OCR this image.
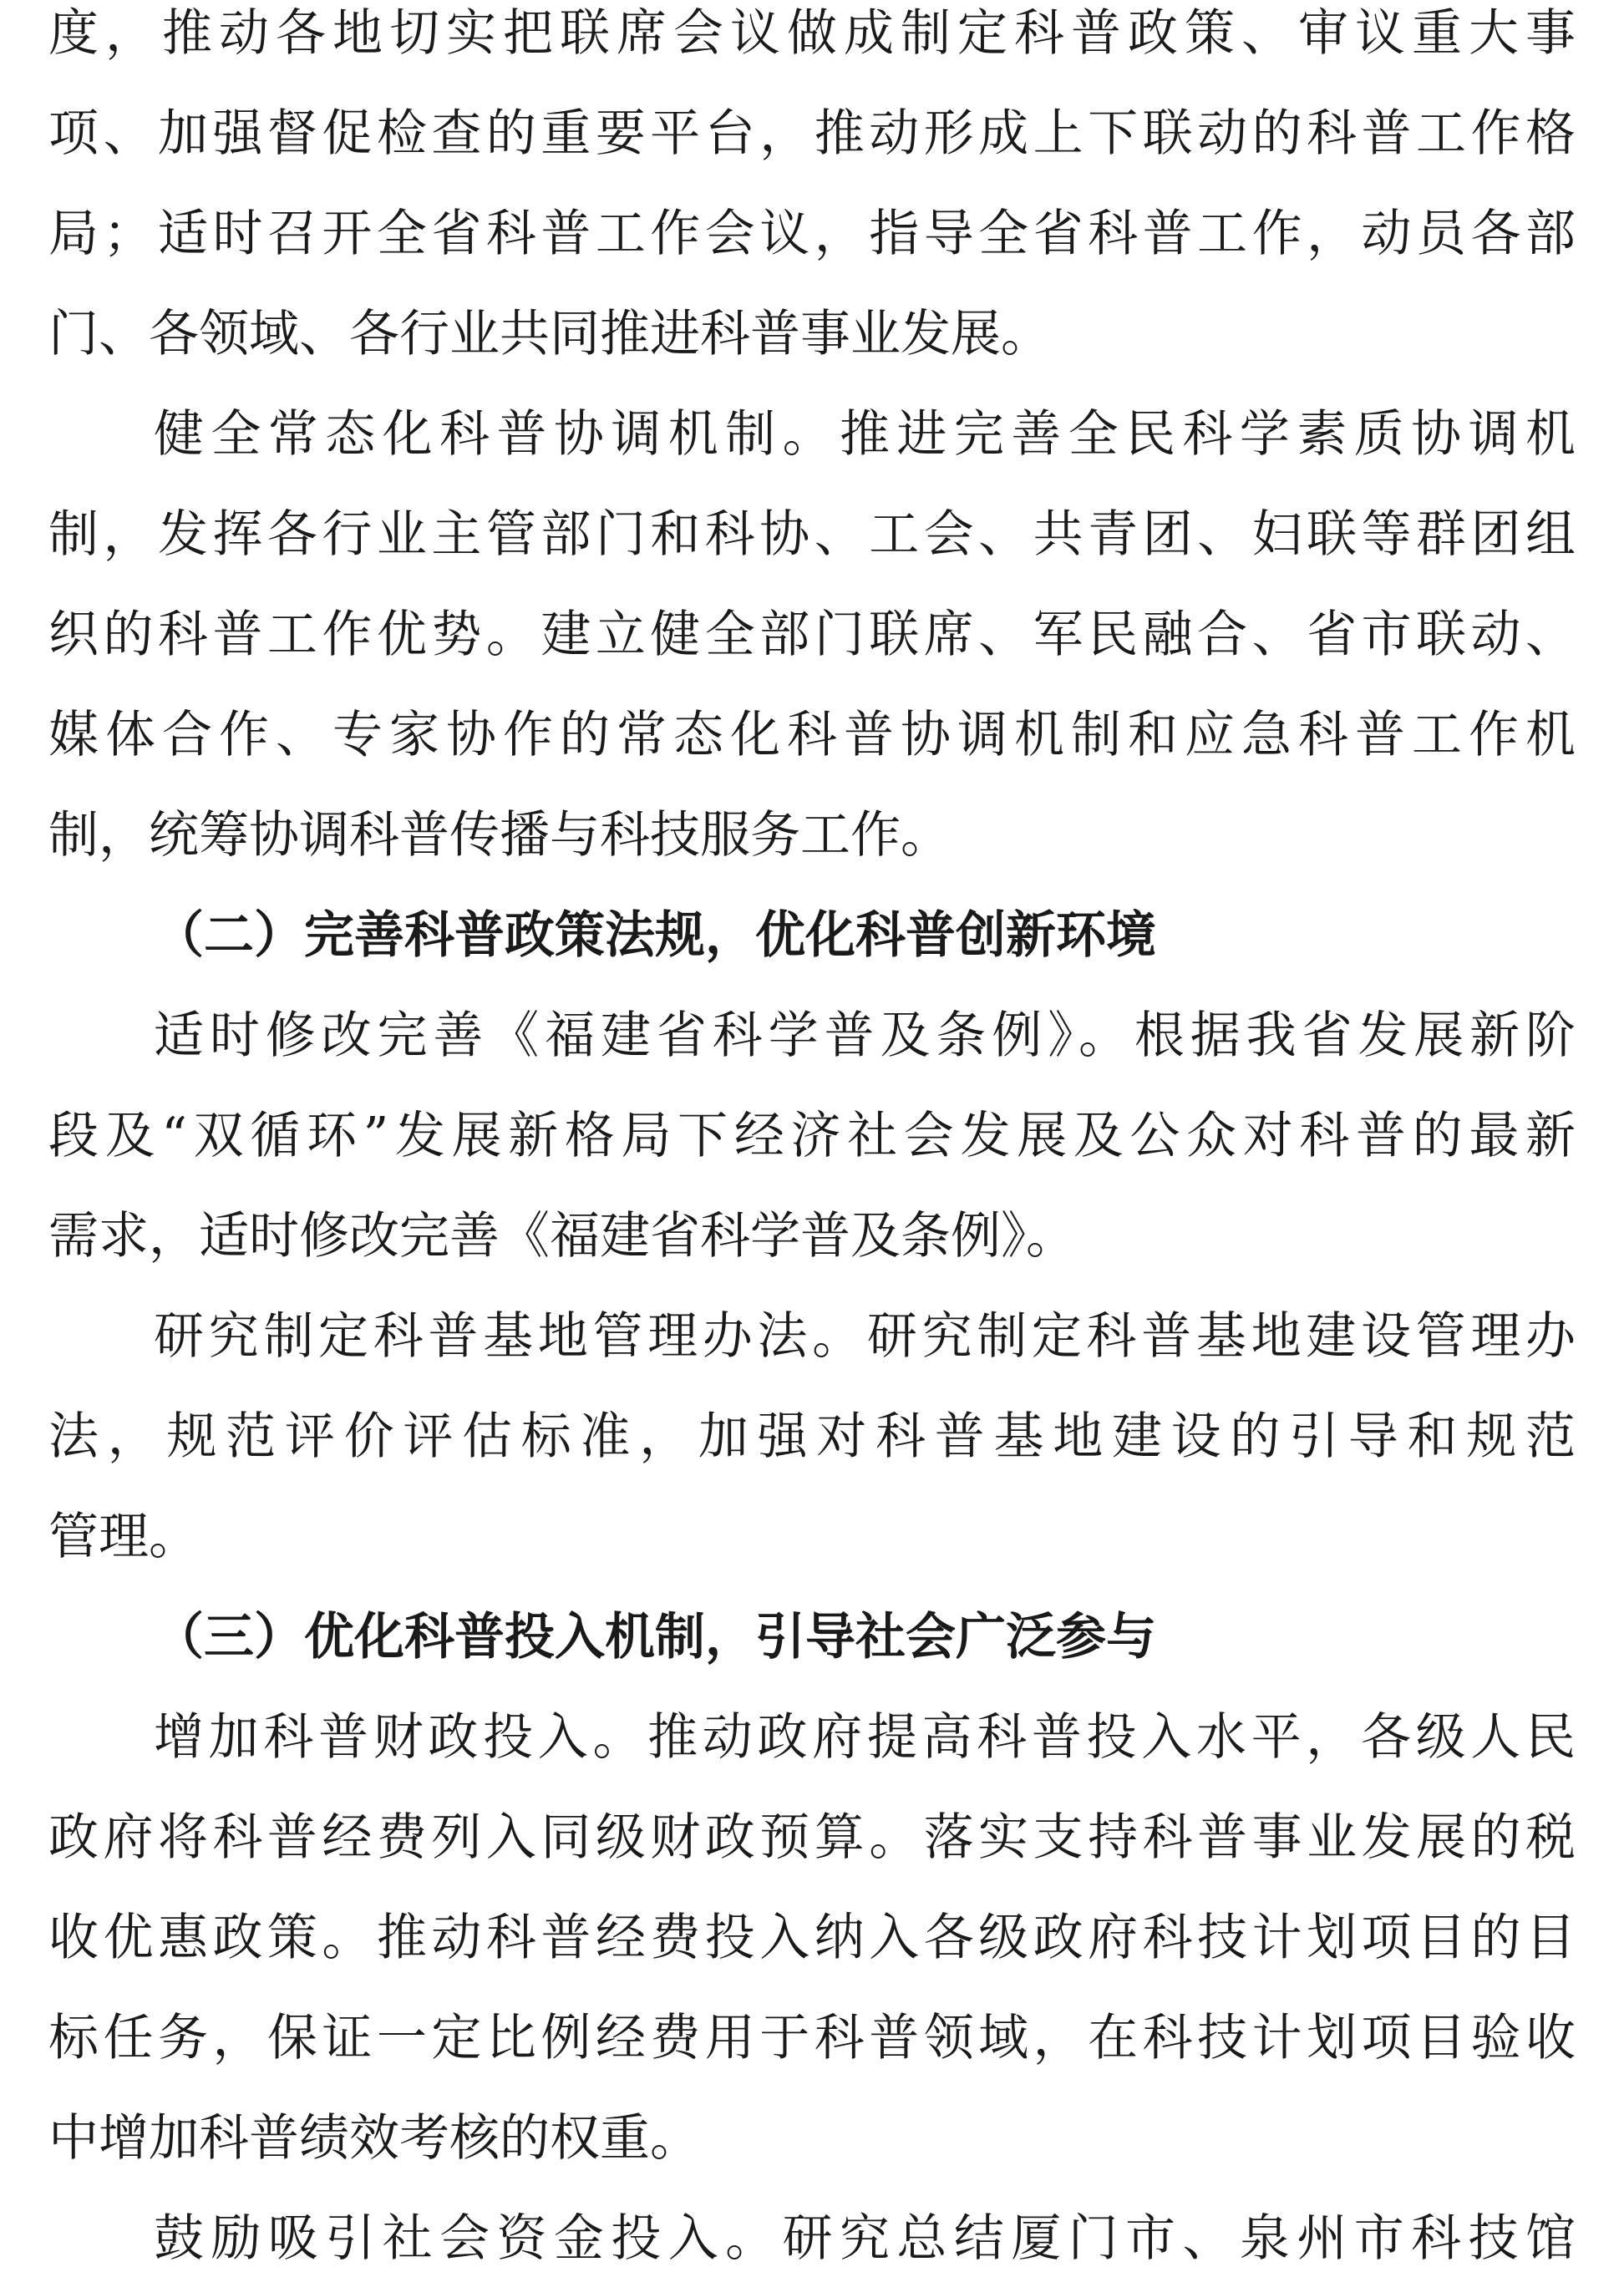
度，推动各地切实把联席会议做成制定科普政策、审议重大事
项、加强督促检查的重要平台，推动形成上下联动的科普工作格
局；适时召开全省科普工作会议，指导全省科普工作，动员各部
门、各领域、各行业共同推进科普事业发展。
健全常态化科普协调机制。推进完善全民科学素质协调机
制，发挥各行业主管部门和科协、工会、共青团、妇联等群团组
织的科普工作优势。建立健全部门联席、军民融合、省市联动、
媒体合作、专家协作的常态化科普协调机制和应急科普工作机
制，统筹协调科普传播与科技服务工作。
（二）完善科普政策法规，优化科普创新环境
适时修改完善《福建省科学普及条例》。根据我省发展新阶
段及“双循环”发展新格局下经济社会发展及公众对科普的最新
需求，适时修改完善《福建省科学普及条例》。
研究制定科普基地管理办法。研究制定科普基地建设管理办
法，规范评价评估标准，加强对科普基地建设的引导和规范
管理。
（三）优化科普投入机制，引导社会广泛参与
增加科普财政投入。推动政府提高科普投入水平，各级人民
政府将科普经费列入同级财政预算。落实支持科普事业发展的税
收优惠政策。推动科普经费投入纳入各级政府科技计划项目的目
标任务，保证一定比例经费用于科普领域，在科技计划项目验收
中增加科普绩效考核的权重。
鼓励吸引社会资金投入。研究总结厦门市、泉州市科技馆
